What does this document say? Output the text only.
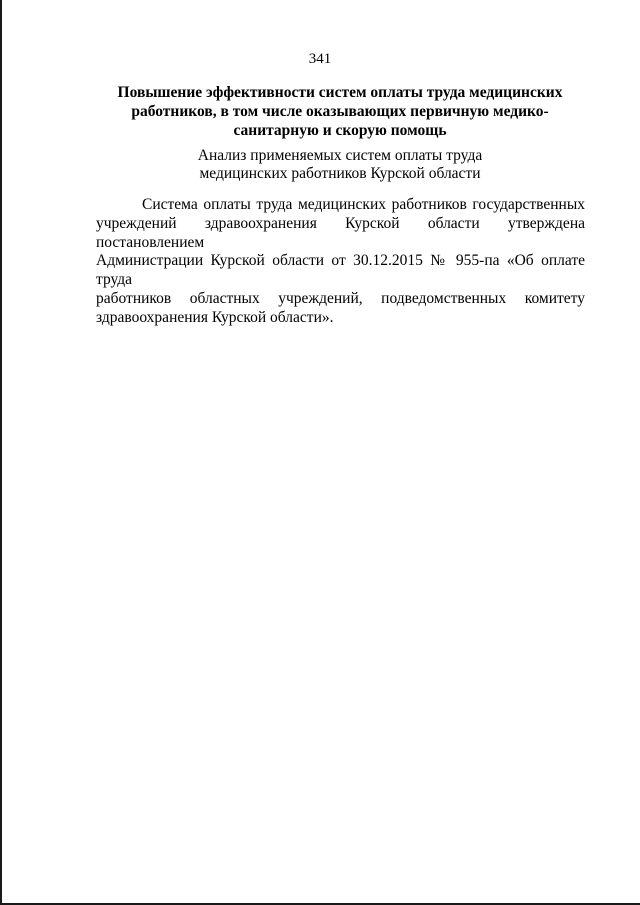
341
Повышение эффективности систем оплаты труда медицинских
работников, в том числе оказывающих первичную медико-
санитарную и скорую помощь
Анализ применяемых систем оплаты труда
медицинских работников Курской области
Система оплаты труда медицинских работников государственных
учреждений здравоохранения Курской области утверждена постановлением
Администрации Курской области от 30.12.2015 № 955-па «Об оплате труда
работников областных учреждений, подведомственных комитету
здравоохранения Курской области».
